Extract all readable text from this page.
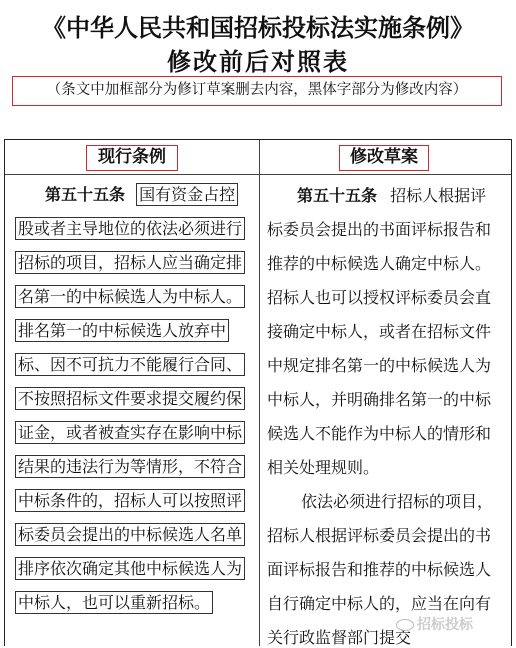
《中华人民共和国招标投标法实施条例》
修改前后对照表
（条文中加框部分为修订草案删去内容，黑体字部分为修改内容）
现行条例	修改草案
第五十五条 国有资金占控
股或者主导地位的依法必须进行
招标的项目，招标人应当确定排
名第一的中标候选人为中标人。
排名第一的中标候选人放弃中
标、因不可抗力不能履行合同、
不按照招标文件要求提交履约保
证金，或者被查实存在影响中标
结果的违法行为等情形，不符合
中标条件的，招标人可以按照评
标委员会提出的中标候选人名单
排序依次确定其他中标候选人为
中标人，也可以重新招标。
第五十五条 招标人根据评
标委员会提出的书面评标报告和
推荐的中标候选人确定中标人。
招标人也可以授权评标委员会直
接确定中标人，或者在招标文件
中规定排名第一的中标候选人为
中标人，并明确排名第一的中标
候选人不能作为中标人的情形和
相关处理规则。
依法必须进行招标的项目，
招标人根据评标委员会提出的书
面评标报告和推荐的中标候选人
自行确定中标人的，应当在向有
关行政监督部门提交
招标投标
